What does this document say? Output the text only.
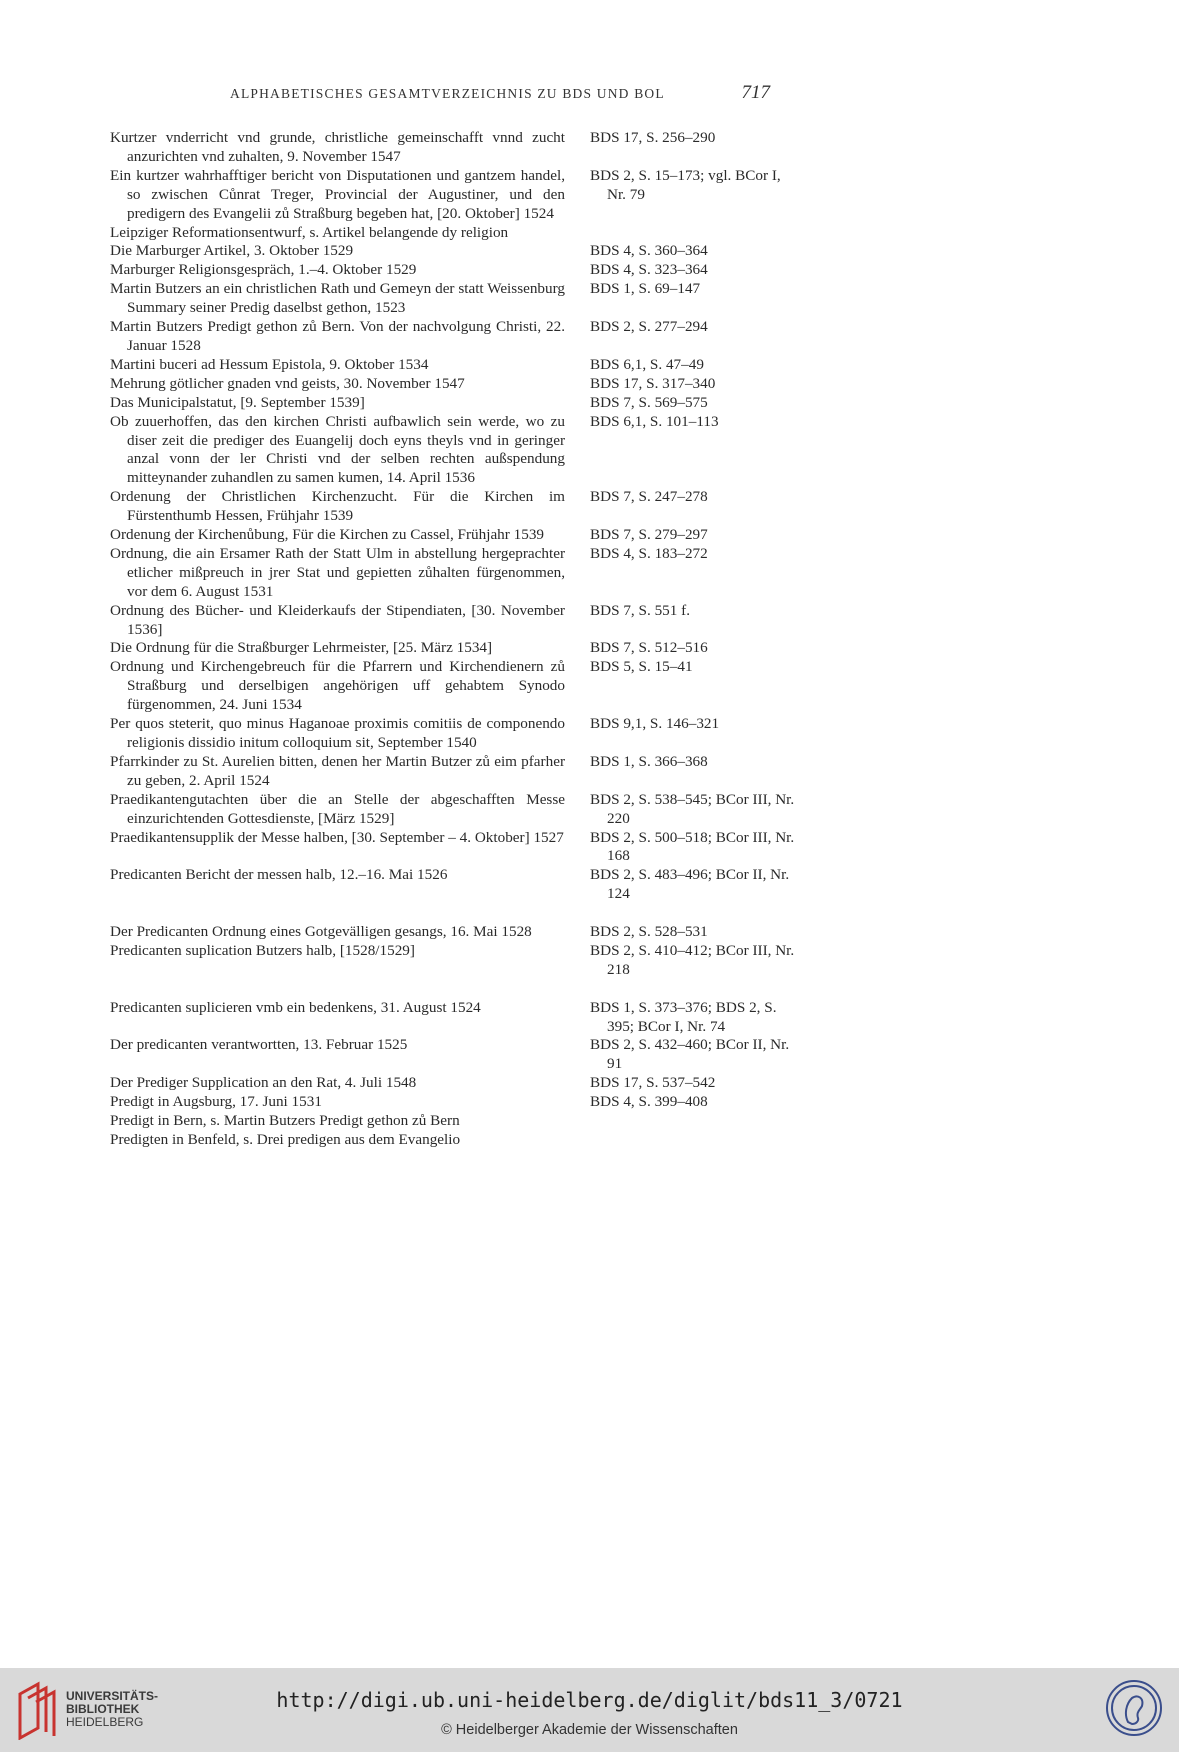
ALPHABETISCHES GESAMTVERZEICHNIS ZU BDS UND BOL	717
Kurtzer vnderricht vnd grunde, christliche gemeinschafft vnnd zucht anzurichten vnd zuhalten, 9. November 1547
BDS 17, S. 256–290
Ein kurtzer wahrhafftiger bericht von Disputationen und gantzem handel, so zwischen Cůnrat Treger, Provincial der Augustiner, und den predigern des Evangelii zů Straßburg begeben hat, [20. Oktober] 1524
BDS 2, S. 15–173; vgl. BCor I, Nr. 79
Leipziger Reformationsentwurf, s. Artikel belangende dy religion
Die Marburger Artikel, 3. Oktober 1529	BDS 4, S. 360–364
Marburger Religionsgespräch, 1.–4. Oktober 1529	BDS 4, S. 323–364
Martin Butzers an ein christlichen Rath und Gemeyn der statt Weissenburg Summary seiner Predig daselbst gethon, 1523
BDS 1, S. 69–147
Martin Butzers Predigt gethon zů Bern. Von der nachvolgung Christi, 22. Januar 1528
BDS 2, S. 277–294
Martini buceri ad Hessum Epistola, 9. Oktober 1534	BDS 6,1, S. 47–49
Mehrung götlicher gnaden vnd geists, 30. November 1547	BDS 17, S. 317–340
Das Municipalstatut, [9. September 1539]	BDS 7, S. 569–575
Ob zuuerhoffen, das den kirchen Christi aufbawlich sein werde, wo zu diser zeit die prediger des Euangelij doch eyns theyls vnd in geringer anzal vonn der ler Christi vnd der selben rechten außspendung mitteynander zuhandlen zu samen kumen, 14. April 1536
BDS 6,1, S. 101–113
Ordenung der Christlichen Kirchenzucht. Für die Kirchen im Fürstenthumb Hessen, Frühjahr 1539
BDS 7, S. 247–278
Ordenung der Kirchenůbung, Für die Kirchen zu Cassel, Frühjahr 1539	BDS 7, S. 279–297
Ordnung, die ain Ersamer Rath der Statt Ulm in abstellung hergeprachter etlicher mißpreuch in jrer Stat und gepietten zůhalten fürgenommen, vor dem 6. August 1531
BDS 4, S. 183–272
Ordnung des Bücher- und Kleiderkaufs der Stipendiaten, [30. November 1536]
BDS 7, S. 551 f.
Die Ordnung für die Straßburger Lehrmeister, [25. März 1534]	BDS 7, S. 512–516
Ordnung und Kirchengebreuch für die Pfarrern und Kirchendienern zů Straßburg und derselbigen angehörigen uff gehabtem Synodo fürgenommen, 24. Juni 1534
BDS 5, S. 15–41
Per quos steterit, quo minus Haganoae proximis comitiis de componendo religionis dissidio initum colloquium sit, September 1540
BDS 9,1, S. 146–321
Pfarrkinder zu St. Aurelien bitten, denen her Martin Butzer zů eim pfarher zu geben, 2. April 1524
BDS 1, S. 366–368
Praedikantengutachten über die an Stelle der abgeschafften Messe einzurichtenden Gottesdienste, [März 1529]
BDS 2, S. 538–545; BCor III, Nr. 220
Praedikantensupplik der Messe halben, [30. September – 4. Oktober] 1527 BDS 2, S. 500–518; BCor III, Nr. 168
Predicanten Bericht der messen halb, 12.–16. Mai 1526	BDS 2, S. 483–496; BCor II, Nr. 124
Der Predicanten Ordnung eines Gotgevälligen gesangs, 16. Mai 1528	BDS 2, S. 528–531
Predicanten suplication Butzers halb, [1528/1529]	BDS 2, S. 410–412; BCor III, Nr. 218
Predicanten suplicieren vmb ein bedenkens, 31. August 1524	BDS 1, S. 373–376; BDS 2, S. 395; BCor I, Nr. 74
Der predicanten verantwortten, 13. Februar 1525	BDS 2, S. 432–460; BCor II, Nr. 91
Der Prediger Supplication an den Rat, 4. Juli 1548	BDS 17, S. 537–542
Predigt in Augsburg, 17. Juni 1531	BDS 4, S. 399–408
Predigt in Bern, s. Martin Butzers Predigt gethon zů Bern
Predigten in Benfeld, s. Drei predigen aus dem Evangelio
UNIVERSITÄTS-
BIBLIOTHEK
HEIDELBERG
http://digi.ub.uni-heidelberg.de/diglit/bds11_3/0721
© Heidelberger Akademie der Wissenschaften
